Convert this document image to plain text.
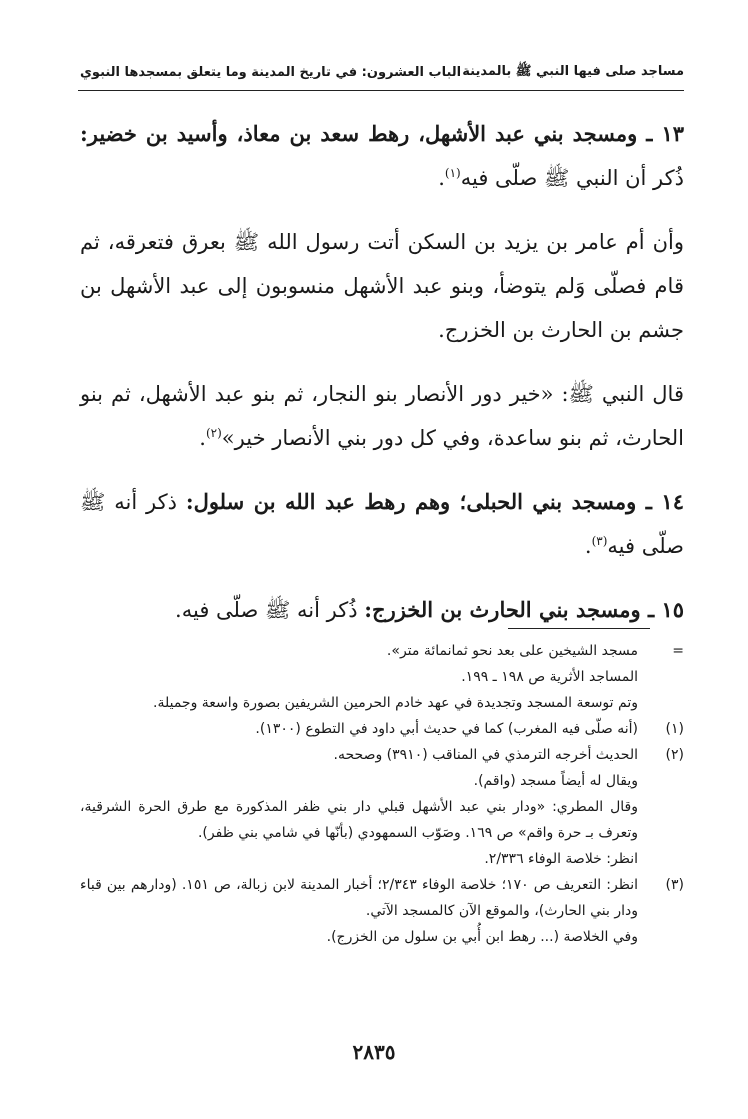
مساجد صلى فيها النبي ﷺ بالمدينة
الباب العشرون: في تاريخ المدينة وما يتعلق بمسجدها النبوي

١٣ ـ ومسجد بني عبد الأشهل، رهط سعد بن معاذ، وأسيد بن خضير: ذُكر أن النبي ﷺ صلّى فيه$^{(١)}$.

وأن أم عامر بن يزيد بن السكن أتت رسول الله ﷺ بعرق فتعرقه، ثم قام فصلّى وَلم يتوضأ، وبنو عبد الأشهل منسوبون إلى عبد الأشهل بن جشم بن الحارث بن الخزرج.

قال النبي ﷺ: «خير دور الأنصار بنو النجار، ثم بنو عبد الأشهل، ثم بنو الحارث، ثم بنو ساعدة، وفي كل دور بني الأنصار خير»$^{(٢)}$.

١٤ ـ ومسجد بني الحبلى؛ وهم رهط عبد الله بن سلول: ذكر أنه ﷺ صلّى فيه$^{(٣)}$.

١٥ ـ ومسجد بني الحارث بن الخزرج: ذُكر أنه ﷺ صلّى فيه.

=

مسجد الشيخين على بعد نحو ثمانمائة متر».

المساجد الأثرية ص ١٩٨ ـ ١٩٩.

وتم توسعة المسجد وتجديدة في عهد خادم الحرمين الشريفين بصورة واسعة وجميلة.

(١)

(أنه صلّى فيه المغرب) كما في حديث أبي داود في التطوع (١٣٠٠).

(٢)

الحديث أخرجه الترمذي في المناقب (٣٩١٠) وصححه.

ويقال له أيضاً مسجد (واقم).

وقال المطري: «ودار بني عبد الأشهل قبلي دار بني ظفر المذكورة مع طرق الحرة الشرقية، وتعرف بـ حرة واقم» ص ١٦٩. وصَوّب السمهودي (بأنّها في شامي بني ظفر).

انظر: خلاصة الوفاء ٢/٣٣٦.

(٣)

انظر: التعريف ص ١٧٠؛ خلاصة الوفاء ٢/٣٤٣؛ أخبار المدينة لابن زبالة، ص ١٥١. (ودارهم بين قباء ودار بني الحارث)، والموقع الآن كالمسجد الآتي.

وفي الخلاصة (... رهط ابن أُبي بن سلول من الخزرج).

٢٨٣٥
